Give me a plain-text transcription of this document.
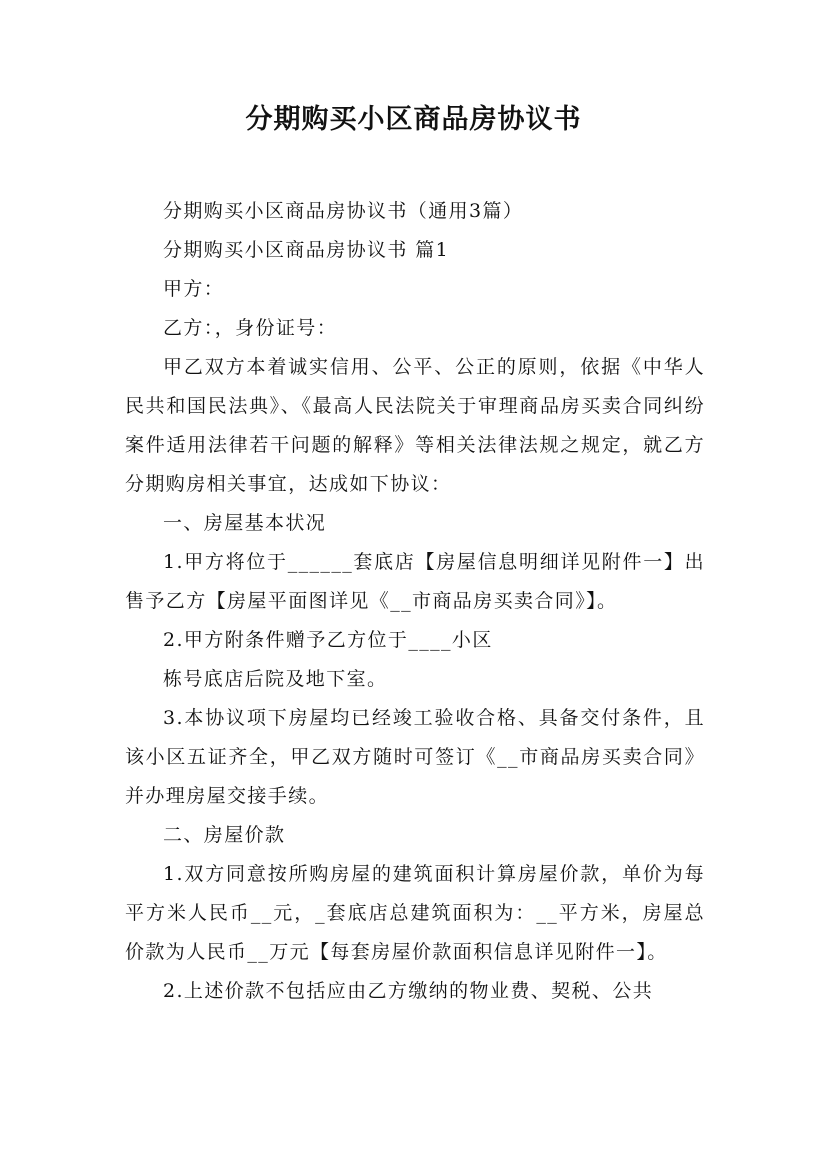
分期购买小区商品房协议书

分期购买小区商品房协议书（通用3篇）

分期购买小区商品房协议书 篇1

甲方：

乙方：，身份证号：

甲乙双方本着诚实信用、公平、公正的原则，依据《中华人民共和国民法典》、《最高人民法院关于审理商品房买卖合同纠纷案件适用法律若干问题的解释》等相关法律法规之规定，就乙方分期购房相关事宜，达成如下协议：

一、房屋基本状况

1.甲方将位于______套底店【房屋信息明细详见附件一】出售予乙方【房屋平面图详见《__市商品房买卖合同》】。

2.甲方附条件赠予乙方位于____小区

栋号底店后院及地下室。

3.本协议项下房屋均已经竣工验收合格、具备交付条件，且该小区五证齐全，甲乙双方随时可签订《__市商品房买卖合同》并办理房屋交接手续。

二、房屋价款

1.双方同意按所购房屋的建筑面积计算房屋价款，单价为每平方米人民币__元，_套底店总建筑面积为：__平方米，房屋总价款为人民币__万元【每套房屋价款面积信息详见附件一】。

2.上述价款不包括应由乙方缴纳的物业费、契税、公共
